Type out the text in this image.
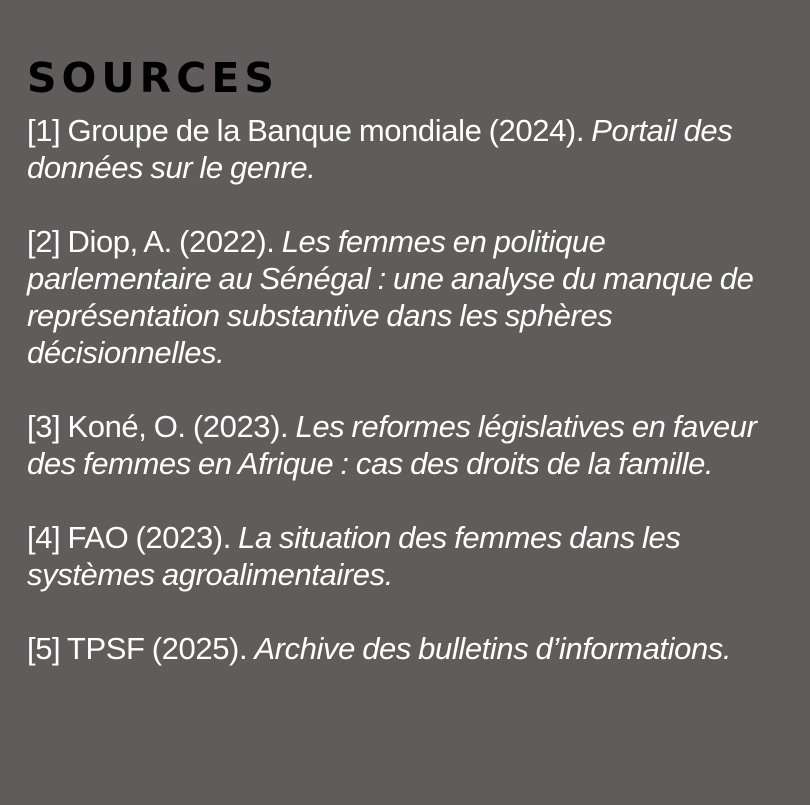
SOURCES

[1] Groupe de la Banque mondiale (2024). Portail des données sur le genre.

[2] Diop, A. (2022). Les femmes en politique parlementaire au Sénégal : une analyse du manque de représentation substantive dans les sphères décisionnelles.

[3] Koné, O. (2023). Les reformes législatives en faveur des femmes en Afrique : cas des droits de la famille.

[4] FAO (2023). La situation des femmes dans les systèmes agroalimentaires.

[5] TPSF (2025). Archive des bulletins d’informations.
